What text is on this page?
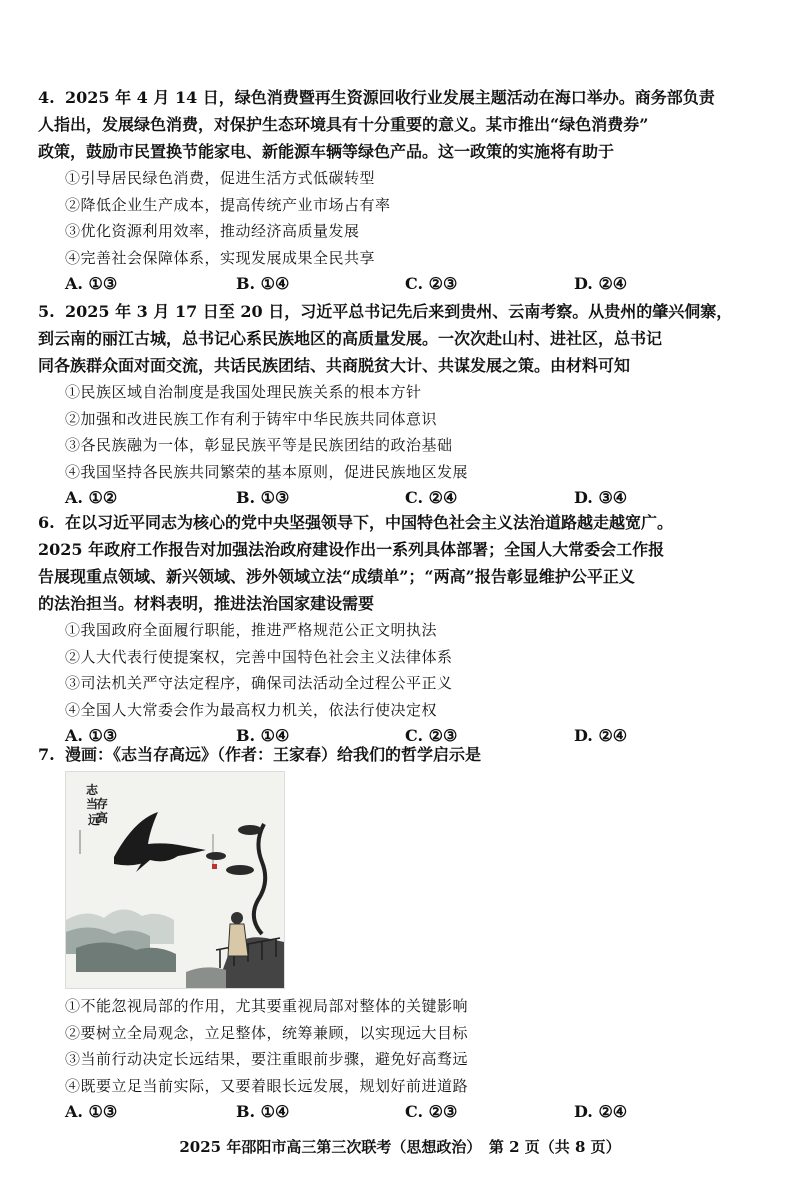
4. 2025 年 4 月 14 日，绿色消费暨再生资源回收行业发展主题活动在海口举办。商务部负责
人指出，发展绿色消费，对保护生态环境具有十分重要的意义。某市推出“绿色消费券”
政策，鼓励市民置换节能家电、新能源车辆等绿色产品。这一政策的实施将有助于
①引导居民绿色消费，促进生活方式低碳转型
②降低企业生产成本，提高传统产业市场占有率
③优化资源利用效率，推动经济高质量发展
④完善社会保障体系，实现发展成果全民共享
A. ①③	B. ①④	C. ②③	D. ②④
5. 2025 年 3 月 17 日至 20 日，习近平总书记先后来到贵州、云南考察。从贵州的肇兴侗寨，
到云南的丽江古城，总书记心系民族地区的高质量发展。一次次赴山村、进社区，总书记
同各族群众面对面交流，共话民族团结、共商脱贫大计、共谋发展之策。由材料可知
①民族区域自治制度是我国处理民族关系的根本方针
②加强和改进民族工作有利于铸牢中华民族共同体意识
③各民族融为一体，彰显民族平等是民族团结的政治基础
④我国坚持各民族共同繁荣的基本原则，促进民族地区发展
A. ①②	B. ①③	C. ②④	D. ③④
6. 在以习近平同志为核心的党中央坚强领导下，中国特色社会主义法治道路越走越宽广。
2025 年政府工作报告对加强法治政府建设作出一系列具体部署；全国人大常委会工作报
告展现重点领域、新兴领域、涉外领域立法“成绩单”；“两高”报告彰显维护公平正义
的法治担当。材料表明，推进法治国家建设需要
①我国政府全面履行职能，推进严格规范公正文明执法
②人大代表行使提案权，完善中国特色社会主义法律体系
③司法机关严守法定程序，确保司法活动全过程公平正义
④全国人大常委会作为最高权力机关，依法行使决定权
A. ①③	B. ①④	C. ②③	D. ②④
7. 漫画：《志当存高远》（作者：王家春）给我们的哲学启示是
志
当
存
高
远
①不能忽视局部的作用，尤其要重视局部对整体的关键影响
②要树立全局观念，立足整体，统筹兼顾，以实现远大目标
③当前行动决定长远结果，要注重眼前步骤，避免好高骛远
④既要立足当前实际，又要着眼长远发展，规划好前进道路
A. ①③	B. ①④	C. ②③	D. ②④
2025 年邵阳市高三第三次联考（思想政治）　第 2 页（共 8 页）
